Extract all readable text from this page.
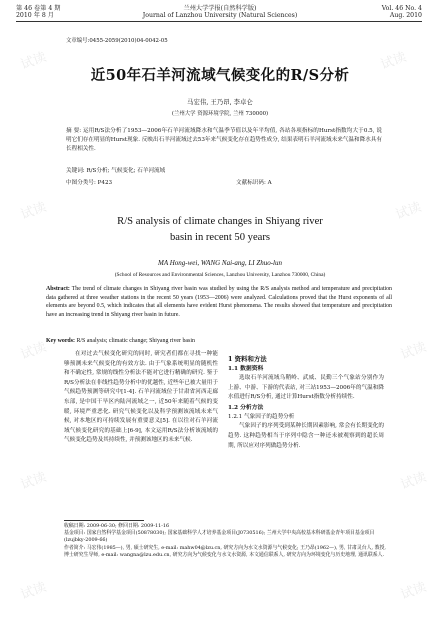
第 46 卷第 4 期
2010 年 8 月
兰州大学学报(自然科学版)
Journal of Lanzhou University (Natural Sciences)
Vol. 46 No. 4
Aug. 2010
文章编号:0455-2059(2010)04-0042-05
近50年石羊河流域气候变化的R/S分析
马宏伟, 王乃昂, 李卓仑
(兰州大学 资源环境学院, 兰州 730000)
摘 要: 运用R/S法分析了1953—2006年石羊河流域降水和气温季节值以及年平均值, 各站各项指标的Hurst指数均大于0.5, 说明它们存在明显的Hurst现象. 反映出石羊河流域过去53年来气候变化存在趋势性成分, 结果表明石羊河流域未来气温和降水具有长程相关性.
关键词: R/S分析; 气候变化; 石羊河流域
中图分类号: P423	文献标识码: A
R/S analysis of climate changes in Shiyang river
basin in recent 50 years
MA Hong-wei, WANG Nai-ang, LI Zhuo-lun
(School of Resources and Environmental Sciences, Lanzhou University, Lanzhou 730000, China)
Abstract: The trend of climate changes in Shiyang river basin was studied by using the R/S analysis method and temperature and precipitation data gathered at three weather stations in the recent 50 years (1953—2006) were analyzed. Calculations proved that the Hurst exponents of all elements are beyond 0.5, which indicates that all elements have evident Hurst phenomena. The results showed that temperature and precipitation have an increasing trend in Shiyang river basin in future.
Key words: R/S analysis; climatic change; Shiyang river basin
在对过去气候变化研究的同时, 研究者们都在寻找一种能够预测未来气候变化的有效方法. 由于气象系统明显的随机性和不确定性, 常规的线性分析法不能对它进行精确的研究. 鉴于R/S分析法在非线性趋势分析中的优越性, 近些年已被大量用于气候趋势预测等研究中[1-4]. 石羊河流域位于甘肃省河西走廊东部, 是中国干旱区内陆河流域之一, 近50年来随着气候的变暖, 环境严重恶化. 研究气候变化以及科学预测该流域未来气候, 对本地区的可持续发展有重要意义[5]. 在以往对石羊河流域气候变化研究的基础上[6-9], 本文运用R/S法分析该流域的气候变化趋势及其持续性, 并预测该地区的未来气候.
1 资料和方法
1.1 数据资料
选取石羊河流域乌鞘岭、武威、民勤三个气象站分别作为上游、中游、下游的代表站, 对三站1953—2006年的气温和降水值进行R/S分析, 通过计算Hurst指数分析持续性.
1.2 分析方法
1.2.1 气象因子的趋势分析
气象因子的序列受到某种长期因素影响, 常会有长期变化的趋势. 这种趋势相当于序列中隐含一种还未被观察到的超长周期, 所以应对序列做趋势分析.
收稿日期: 2009-06-30; 修回日期: 2009-11-16
基金项目: 国家自然科学基金项目(50878030); 国家基础科学人才培养基金项目(J0730516); 兰州大学中央高校基本科研基金青年项目基金项目(lzujbky-2009-66)
作者简介: 马宏伟(1985—), 男, 硕士研究生, e-mail: mahw04@lzu.cn, 研究方向为水文水资源与气候变化; 王乃昂(1962—), 男, 甘肃灵台人, 教授, 博士研究生导师, e-mail: wangna@lzu.edu.cn, 研究方向为气候变化与水文水资源, 本文通信联系人, 研究方向为环境变化与历史地理, 通讯联系人.
试读	试读
试读	试读
试读	试读
试读	试读
试读	试读
